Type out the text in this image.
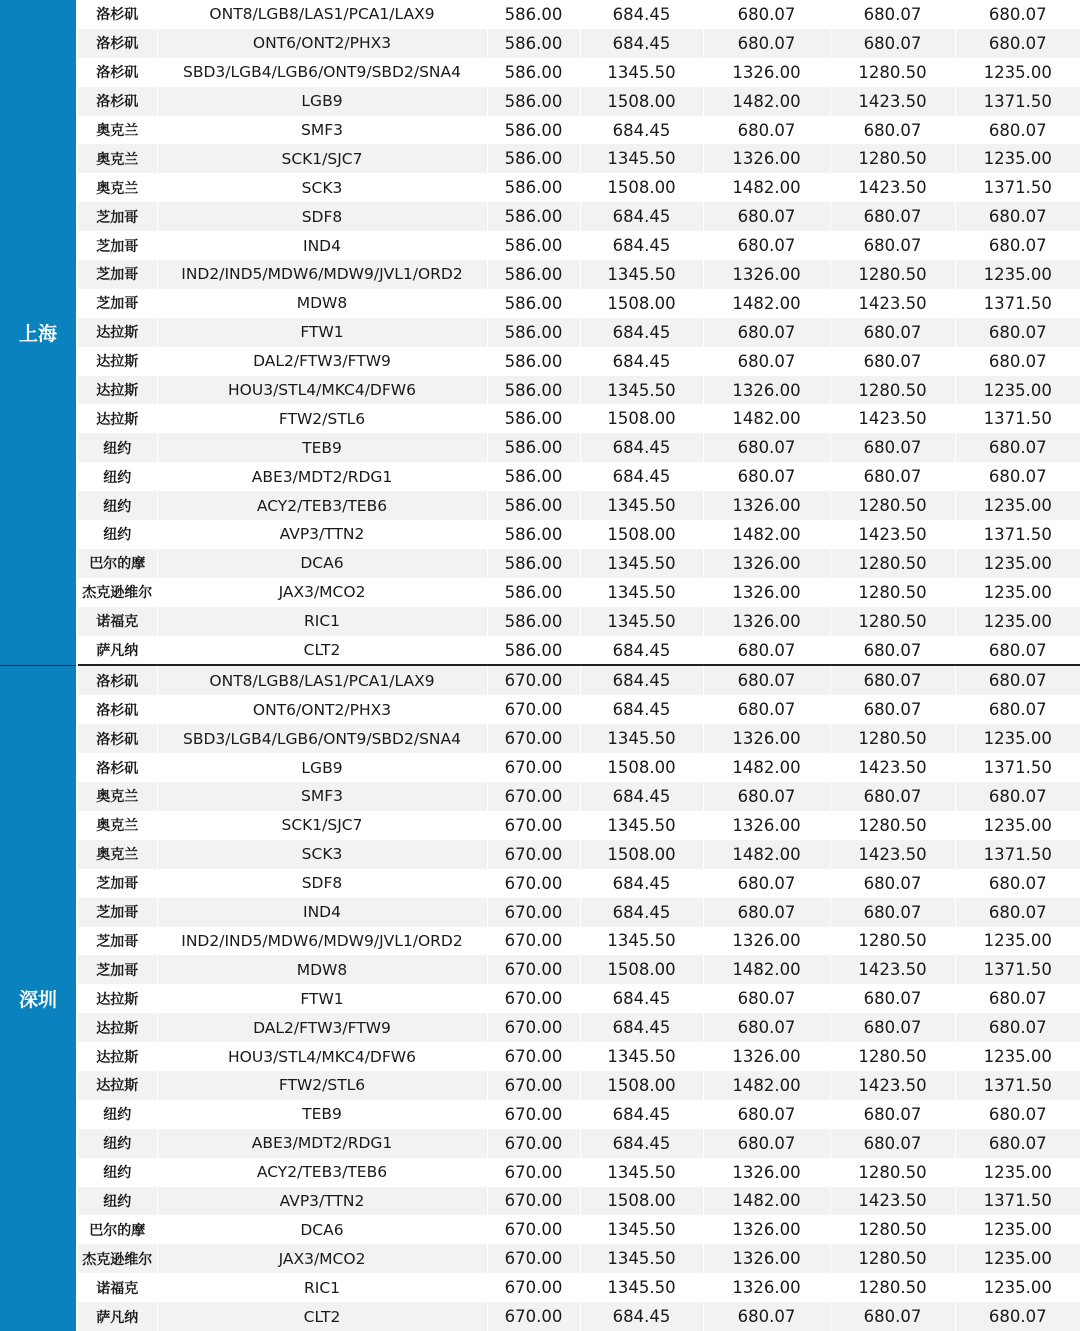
上海	洛杉矶	ONT8/LGB8/LAS1/PCA1/LAX9	586.00	684.45	680.07	680.07	680.07
	洛杉矶	ONT6/ONT2/PHX3	586.00	684.45	680.07	680.07	680.07
	洛杉矶	SBD3/LGB4/LGB6/ONT9/SBD2/SNA4	586.00	1345.50	1326.00	1280.50	1235.00
	洛杉矶	LGB9	586.00	1508.00	1482.00	1423.50	1371.50
	奥克兰	SMF3	586.00	684.45	680.07	680.07	680.07
	奥克兰	SCK1/SJC7	586.00	1345.50	1326.00	1280.50	1235.00
	奥克兰	SCK3	586.00	1508.00	1482.00	1423.50	1371.50
	芝加哥	SDF8	586.00	684.45	680.07	680.07	680.07
	芝加哥	IND4	586.00	684.45	680.07	680.07	680.07
	芝加哥	IND2/IND5/MDW6/MDW9/JVL1/ORD2	586.00	1345.50	1326.00	1280.50	1235.00
	芝加哥	MDW8	586.00	1508.00	1482.00	1423.50	1371.50
	达拉斯	FTW1	586.00	684.45	680.07	680.07	680.07
	达拉斯	DAL2/FTW3/FTW9	586.00	684.45	680.07	680.07	680.07
	达拉斯	HOU3/STL4/MKC4/DFW6	586.00	1345.50	1326.00	1280.50	1235.00
	达拉斯	FTW2/STL6	586.00	1508.00	1482.00	1423.50	1371.50
	纽约	TEB9	586.00	684.45	680.07	680.07	680.07
	纽约	ABE3/MDT2/RDG1	586.00	684.45	680.07	680.07	680.07
	纽约	ACY2/TEB3/TEB6	586.00	1345.50	1326.00	1280.50	1235.00
	纽约	AVP3/TTN2	586.00	1508.00	1482.00	1423.50	1371.50
	巴尔的摩	DCA6	586.00	1345.50	1326.00	1280.50	1235.00
	杰克逊维尔	JAX3/MCO2	586.00	1345.50	1326.00	1280.50	1235.00
	诺福克	RIC1	586.00	1345.50	1326.00	1280.50	1235.00
	萨凡纳	CLT2	586.00	684.45	680.07	680.07	680.07
深圳	洛杉矶	ONT8/LGB8/LAS1/PCA1/LAX9	670.00	684.45	680.07	680.07	680.07
	洛杉矶	ONT6/ONT2/PHX3	670.00	684.45	680.07	680.07	680.07
	洛杉矶	SBD3/LGB4/LGB6/ONT9/SBD2/SNA4	670.00	1345.50	1326.00	1280.50	1235.00
	洛杉矶	LGB9	670.00	1508.00	1482.00	1423.50	1371.50
	奥克兰	SMF3	670.00	684.45	680.07	680.07	680.07
	奥克兰	SCK1/SJC7	670.00	1345.50	1326.00	1280.50	1235.00
	奥克兰	SCK3	670.00	1508.00	1482.00	1423.50	1371.50
	芝加哥	SDF8	670.00	684.45	680.07	680.07	680.07
	芝加哥	IND4	670.00	684.45	680.07	680.07	680.07
	芝加哥	IND2/IND5/MDW6/MDW9/JVL1/ORD2	670.00	1345.50	1326.00	1280.50	1235.00
	芝加哥	MDW8	670.00	1508.00	1482.00	1423.50	1371.50
	达拉斯	FTW1	670.00	684.45	680.07	680.07	680.07
	达拉斯	DAL2/FTW3/FTW9	670.00	684.45	680.07	680.07	680.07
	达拉斯	HOU3/STL4/MKC4/DFW6	670.00	1345.50	1326.00	1280.50	1235.00
	达拉斯	FTW2/STL6	670.00	1508.00	1482.00	1423.50	1371.50
	纽约	TEB9	670.00	684.45	680.07	680.07	680.07
	纽约	ABE3/MDT2/RDG1	670.00	684.45	680.07	680.07	680.07
	纽约	ACY2/TEB3/TEB6	670.00	1345.50	1326.00	1280.50	1235.00
	纽约	AVP3/TTN2	670.00	1508.00	1482.00	1423.50	1371.50
	巴尔的摩	DCA6	670.00	1345.50	1326.00	1280.50	1235.00
	杰克逊维尔	JAX3/MCO2	670.00	1345.50	1326.00	1280.50	1235.00
	诺福克	RIC1	670.00	1345.50	1326.00	1280.50	1235.00
	萨凡纳	CLT2	670.00	684.45	680.07	680.07	680.07
